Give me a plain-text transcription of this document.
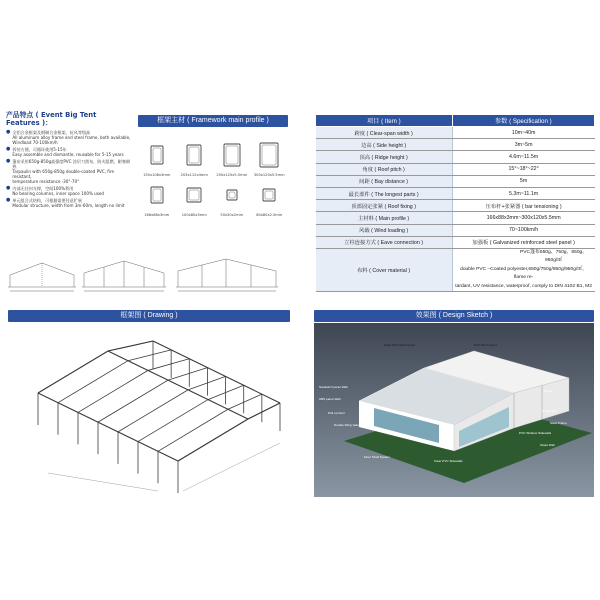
产品特点 ( Event Big Tent Features )：
● 全铝合金框架及钢制合金框架，抗风等级高
All aluminum alloy frame and steel frame, both available,
Windload 70-100km/h
● 拆装方便，可循环使用5-15年
Easy assemble and dismantle, reusable for 5-15 years
● 篷布采用650g-850g高强度PVC 涂层刀刮布，防火阻燃，耐寒耐热
Tarpaulin with 650g-850g double-coated PVC, fire resistant,
temperature resistance -30°-70°
● 内部无任何支撑，空间100%利用
No bearing columns, inner space 100% used
● 单元组合式结构，可根据需要任意扩展
Modular structure, width from 3m-60m, length no limit
框架主材 ( Framework main profile )
150x108x3mm	203x112x4mm 250x120x5.5mm 300x120x5.5mm
166x88x3mm	100x80x3mm	50x50x2mm	80x80x2.5mm
项目 ( Item )	参数 ( Specification )
跨度 ( Clear-span width )	10m~40m
边高 ( Side height )	3m~5m
顶高 ( Ridge height )	4.6m~11.5m
角度 ( Roof pitch )	15°~18°~22°
间距 ( Bay distance )	5m
最长部件 ( The longest parts )	5.3m~11.1m
顶部固定张紧 ( Roof fixing )	压布杆+张紧器 ( bar tensioning )
主材料 ( Main profile )	166x88x3mm~300x120x5.5mm
风载 ( Wind loading )	70~100km/h
立柱连接方式 ( Eave connection )	加强板 ( Galvanized reinforced steel panel )
布料 ( Cover material )	PVC篷布650g、750g、850g、950g/㎡
double PVC –Coated polyester,650g/750g/850g/950g/㎡，flame re-
tardant, UV resistance, waterproof, comply to DIN 4102 B1, M2
框架图 ( Drawing )	效果图 ( Design Sketch )
Clear PVC Roof Cover	PVC Roof Cover
Sandwich panel Wall
ABS panel Wall
Pull up Door
Double Wing Glass Door
Floor Shell System
Clear PVC Sidewalls
Lining
Height Flat
PVC Window Sidewalls
Glass Wall
Steel Frame
